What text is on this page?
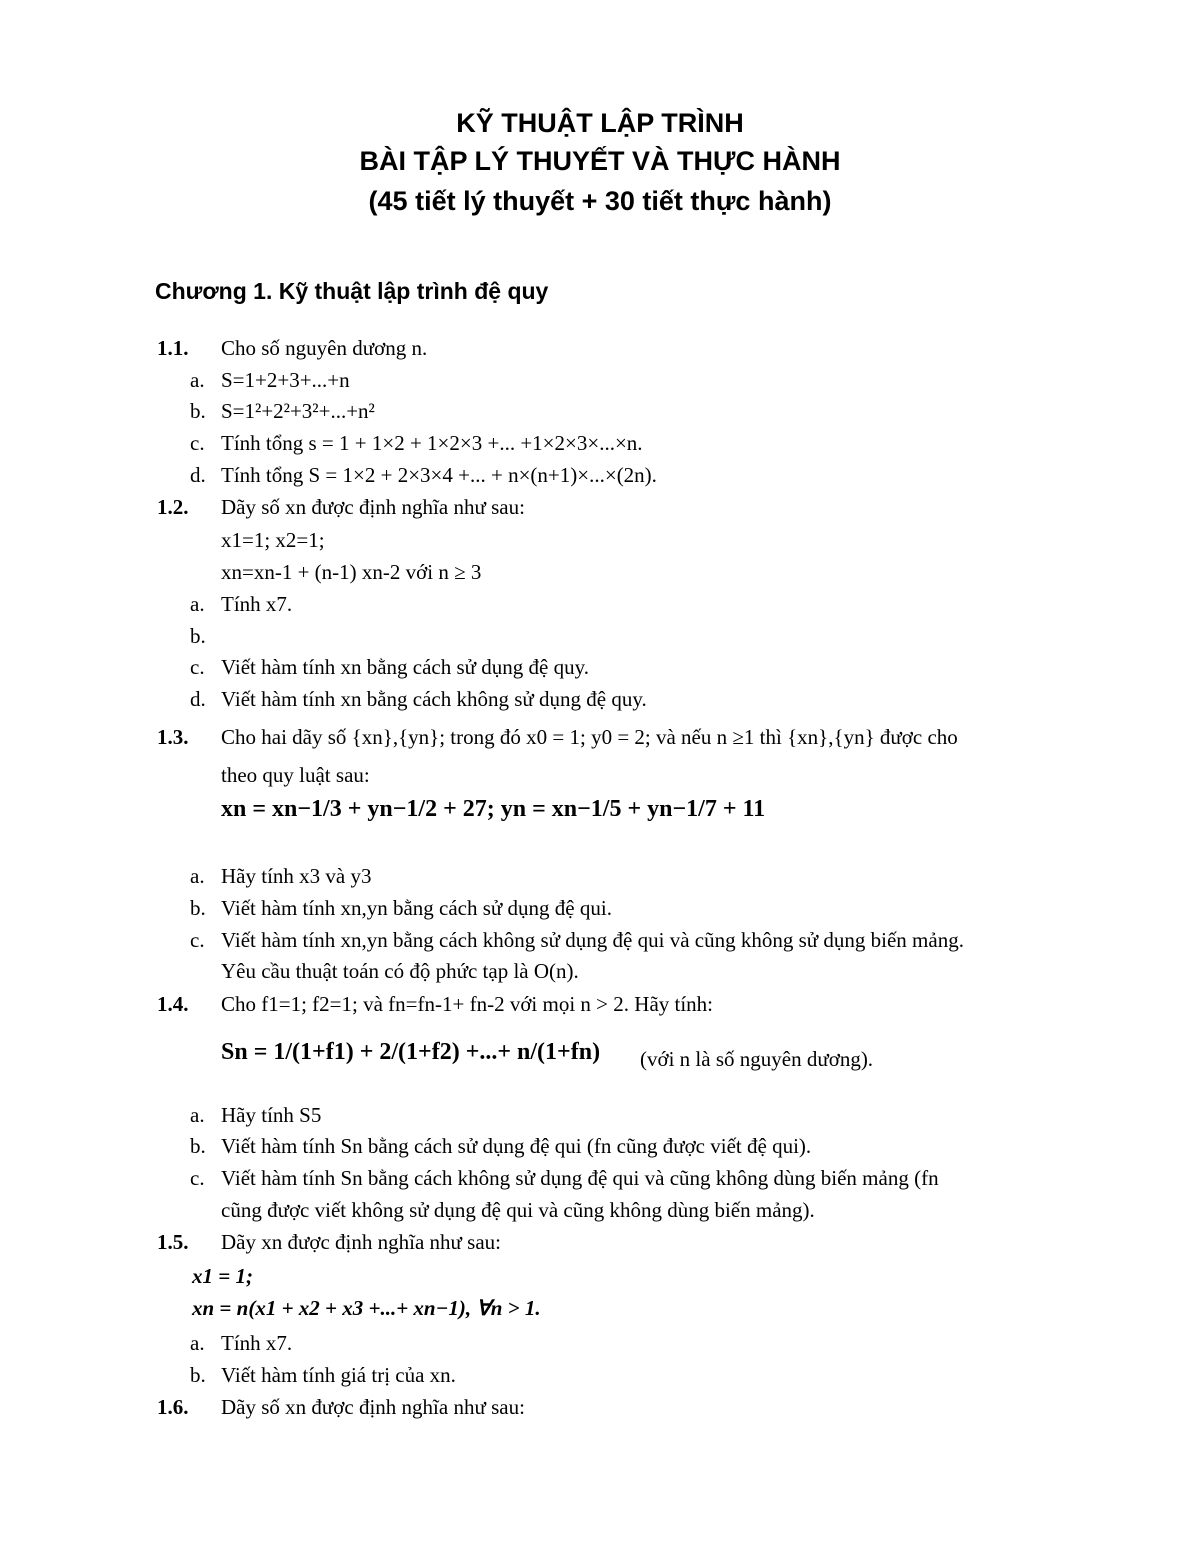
KỸ THUẬT LẬP TRÌNH
BÀI TẬP LÝ THUYẾT VÀ THỰC HÀNH
(45 tiết lý thuyết + 30 tiết thực hành)
Chương 1. Kỹ thuật lập trình đệ quy
1.1. Cho số nguyên dương n.
a. S=1+2+3+...+n
b. S=1²+2²+3²+...+n²
c. Tính tổng s = 1 + 1×2 + 1×2×3 +... +1×2×3×...×n.
d. Tính tổng S = 1×2 + 2×3×4 +... + n×(n+1)×...×(2n).
1.2. Dãy số xn được định nghĩa như sau:
x1=1; x2=1;
xn=xn-1 + (n-1) xn-2 với n ≥ 3
a. Tính x7.
b.
c. Viết hàm tính xn bằng cách sử dụng đệ quy.
d. Viết hàm tính xn bằng cách không sử dụng đệ quy.
1.3. Cho hai dãy số {xn},{yn}; trong đó x0 = 1; y0 = 2; và nếu n ≥1 thì {xn},{yn} được cho
theo quy luật sau:
xn = xn−1/3 + yn−1/2 + 27; yn = xn−1/5 + yn−1/7 + 11
a. Hãy tính x3 và y3
b. Viết hàm tính xn,yn bằng cách sử dụng đệ qui.
c. Viết hàm tính xn,yn bằng cách không sử dụng đệ qui và cũng không sử dụng biến mảng.
Yêu cầu thuật toán có độ phức tạp là O(n).
1.4. Cho f1=1; f2=1; và fn=fn-1+ fn-2 với mọi n > 2. Hãy tính:
Sn = 1/(1+f1) + 2/(1+f2) +...+ n/(1+fn) (với n là số nguyên dương).
a. Hãy tính S5
b. Viết hàm tính Sn bằng cách sử dụng đệ qui (fn cũng được viết đệ qui).
c. Viết hàm tính Sn bằng cách không sử dụng đệ qui và cũng không dùng biến mảng (fn
cũng được viết không sử dụng đệ qui và cũng không dùng biến mảng).
1.5. Dãy xn được định nghĩa như sau:
x1 = 1;
xn = n(x1 + x2 + x3 +...+ xn−1), ∀n > 1.
a. Tính x7.
b. Viết hàm tính giá trị của xn.
1.6. Dãy số xn được định nghĩa như sau:
